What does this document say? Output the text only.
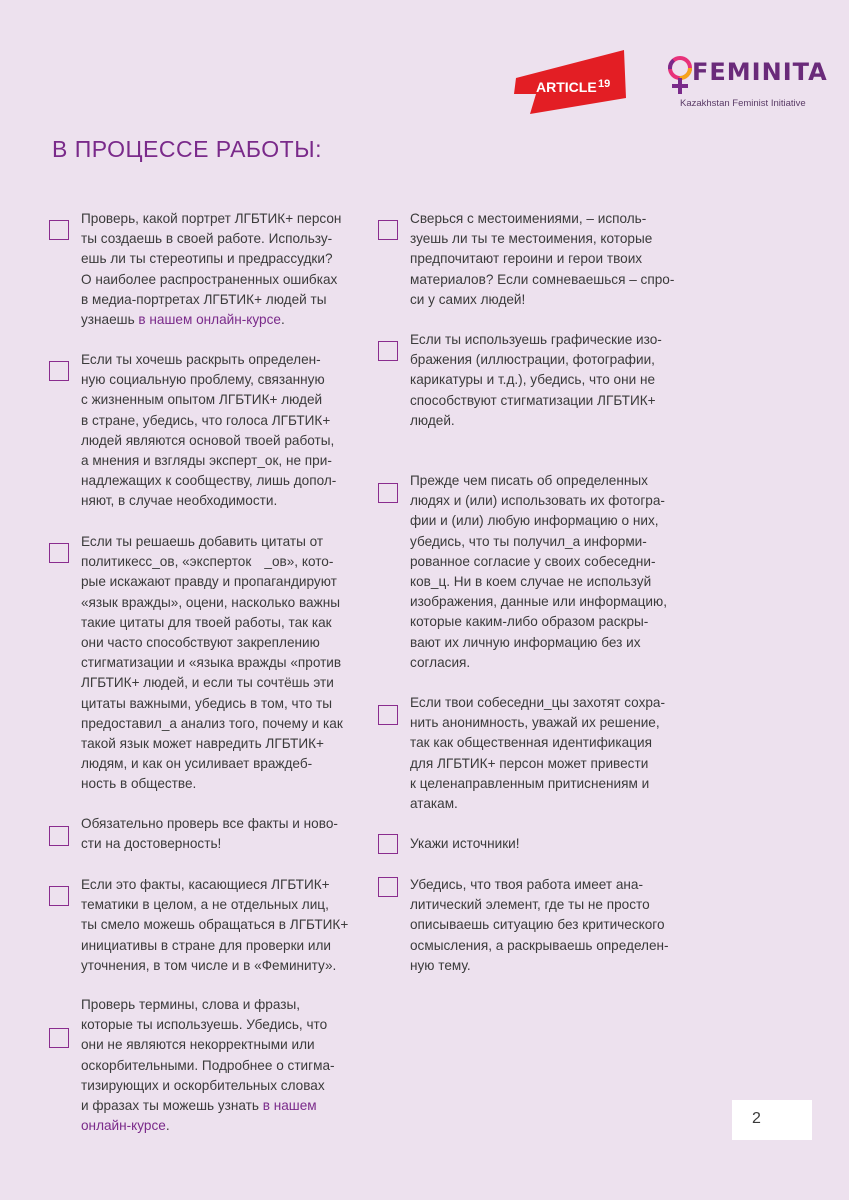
ARTICLE 19	FEMINITA
Kazakhstan Feminist Initiative
В ПРОЦЕССЕ РАБОТЫ:
Проверь, какой портрет ЛГБТИК+ персон
ты создаешь в своей работе. Использу-
ешь ли ты стереотипы и предрассудки?
О наиболее распространенных ошибках
в медиа-портретах ЛГБТИК+ людей ты
узнаешь в нашем онлайн-курсе.
Если ты хочешь раскрыть определен-
ную социальную проблему, связанную
с жизненным опытом ЛГБТИК+ людей
в стране, убедись, что голоса ЛГБТИК+
людей являются основой твоей работы,
а мнения и взгляды эксперт_ок, не при-
надлежащих к сообществу, лишь допол-
няют, в случае необходимости.
Если ты решаешь добавить цитаты от
политикесс_ов, «экспертокᅟ_ов», кото-
рые искажают правду и пропагандируют
«язык вражды», оцени, насколько важны
такие цитаты для твоей работы, так как
они часто способствуют закреплению
стигматизации и «языка вражды «против
ЛГБТИК+ людей, и если ты сочтёшь эти
цитаты важными, убедись в том, что ты
предоставил_а анализ того, почему и как
такой язык может навредить ЛГБТИК+
людям, и как он усиливает враждеб-
ность в обществе.
Обязательно проверь все факты и ново-
сти на достоверность!
Если это факты, касающиеся ЛГБТИК+
тематики в целом, а не отдельных лиц,
ты смело можешь обращаться в ЛГБТИК+
инициативы в стране для проверки или
уточнения, в том числе и в «Феминиту».
Проверь термины, слова и фразы,
которые ты используешь. Убедись, что
они не являются некорректными или
оскорбительными. Подробнее о стигма-
тизирующих и оскорбительных словах
и фразах ты можешь узнать в нашем
онлайн-курсе.
Сверься с местоимениями, – исполь-
зуешь ли ты те местоимения, которые
предпочитают героини и герои твоих
материалов? Если сомневаешься – спро-
си у самих людей!
Если ты используешь графические изо-
бражения (иллюстрации, фотографии,
карикатуры и т.д.), убедись, что они не
способствуют стигматизации ЛГБТИК+
людей.
Прежде чем писать об определенных
людях и (или) использовать их фотогра-
фии и (или) любую информацию о них,
убедись, что ты получил_а информи-
рованное согласие у своих собеседни-
ков_ц. Ни в коем случае не используй
изображения, данные или информацию,
которые каким-либо образом раскры-
вают их личную информацию без их
согласия.
Если твои собеседни_цы захотят сохра-
нить анонимность, уважай их решение,
так как общественная идентификация
для ЛГБТИК+ персон может привести
к целенаправленным притиснениям и
атакам.
Укажи источники!
Убедись, что твоя работа имеет ана-
литический элемент, где ты не просто
описываешь ситуацию без критического
осмысления, а раскрываешь определен-
ную тему.
2
